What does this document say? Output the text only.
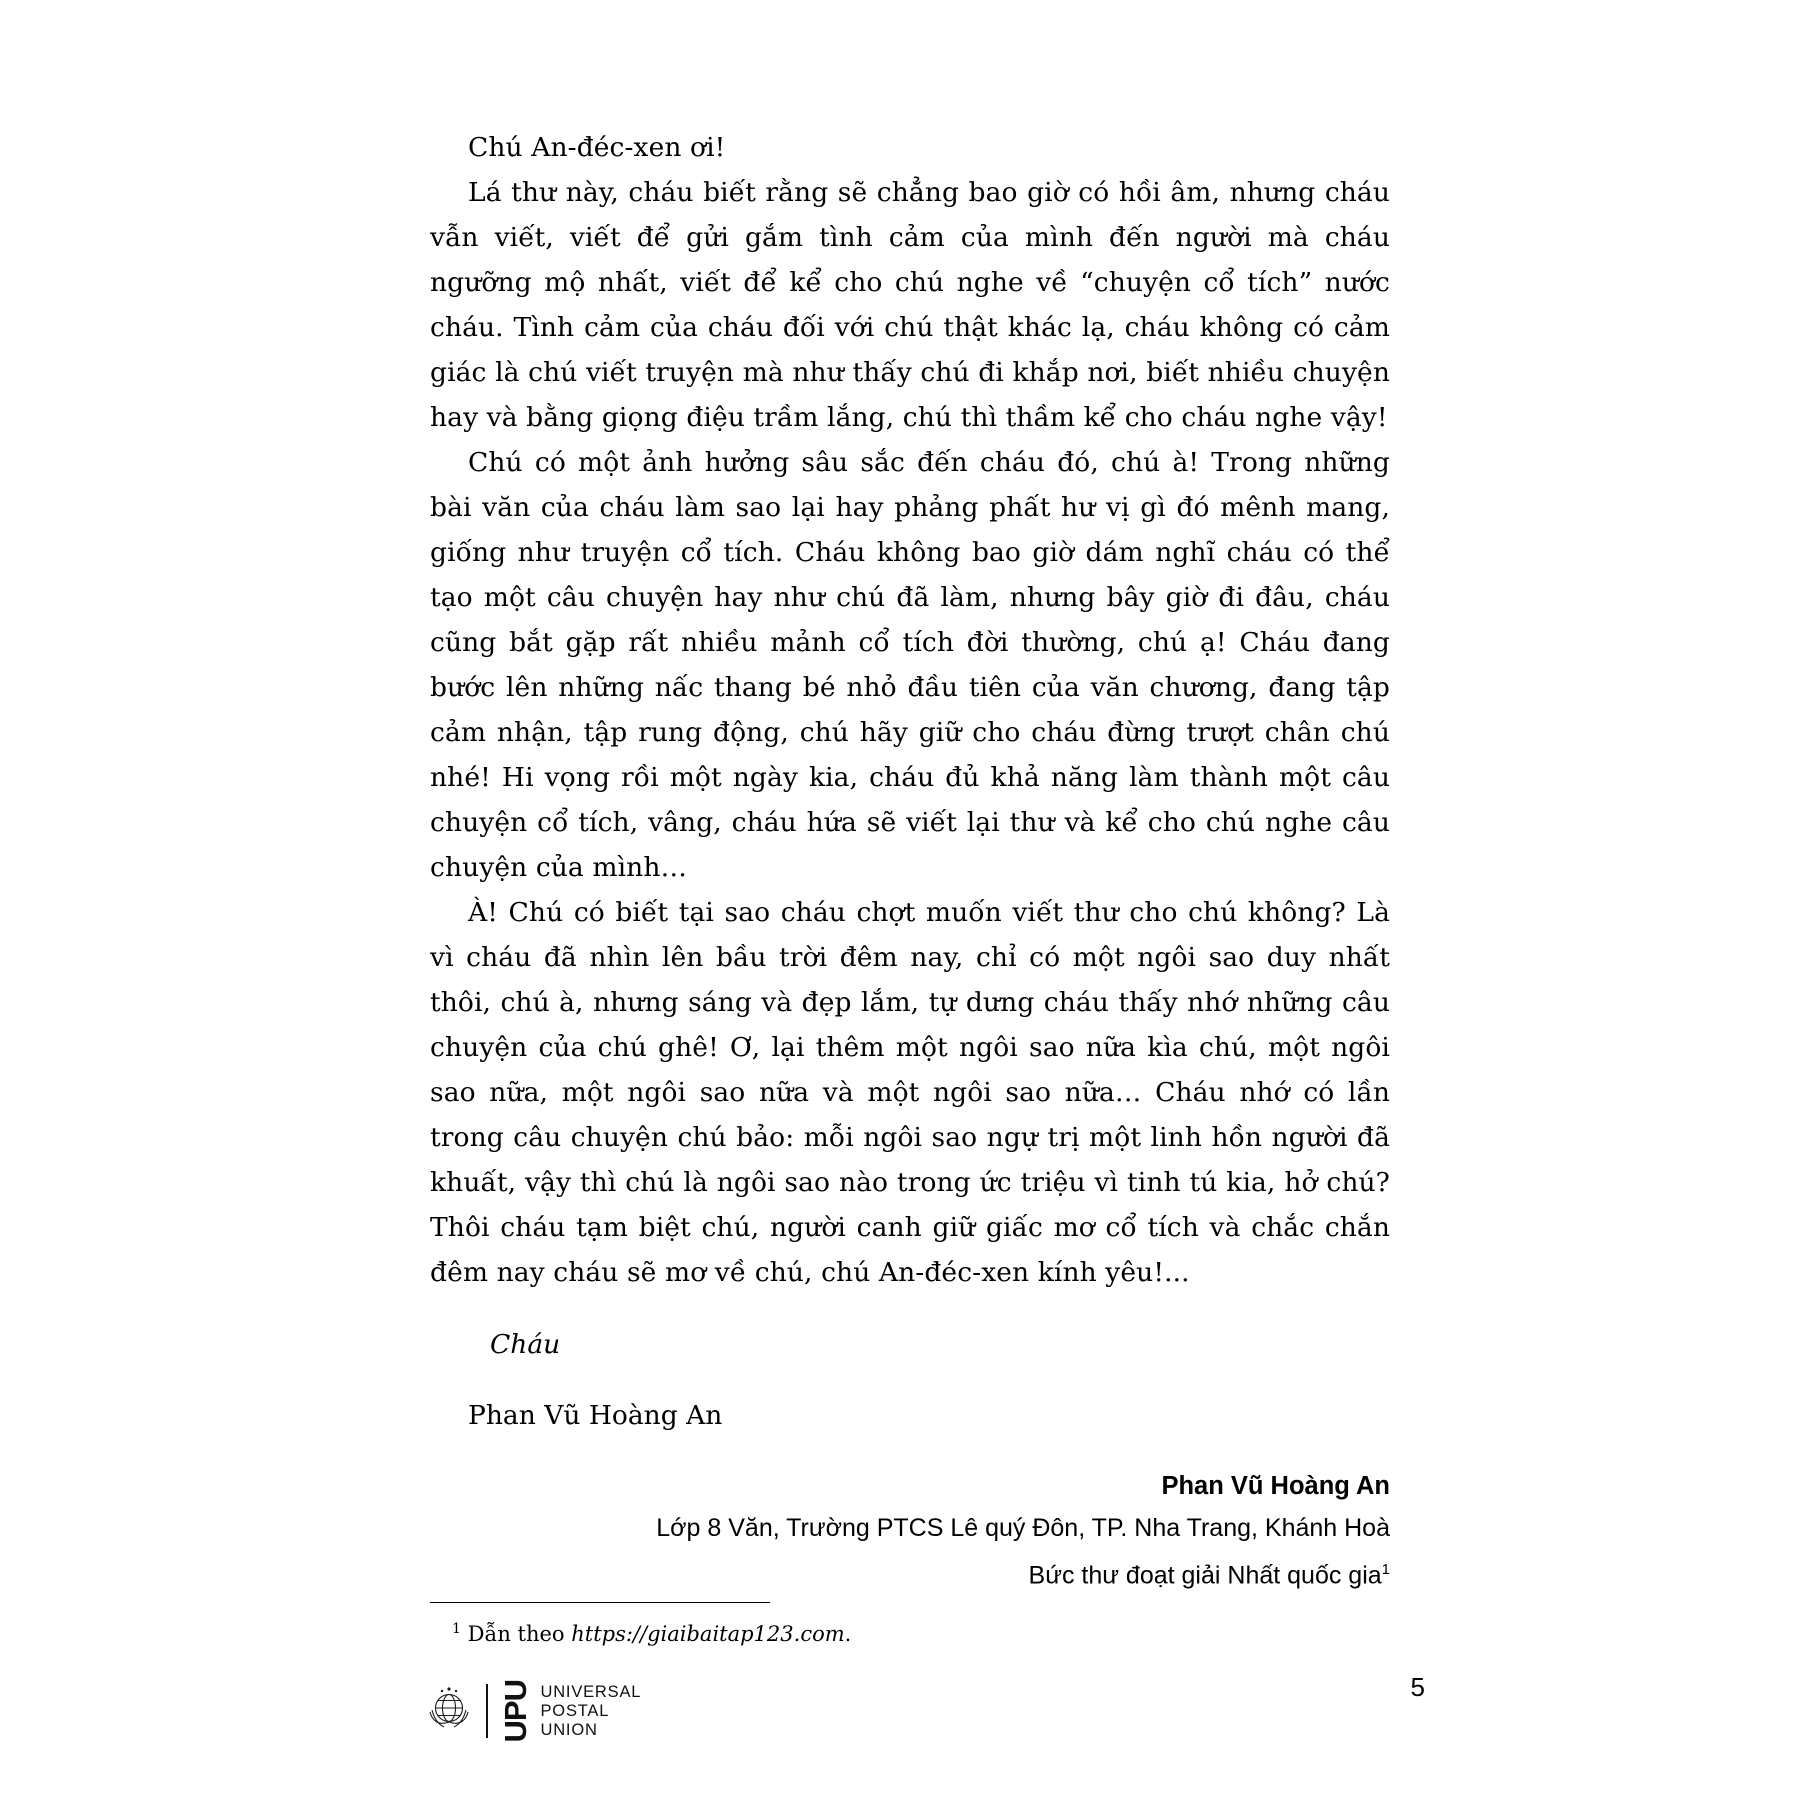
Chú An-đéc-xen ơi!

Lá thư này, cháu biết rằng sẽ chẳng bao giờ có hồi âm, nhưng cháu vẫn viết, viết để gửi gắm tình cảm của mình đến người mà cháu ngưỡng mộ nhất, viết để kể cho chú nghe về “chuyện cổ tích” nước cháu. Tình cảm của cháu đối với chú thật khác lạ, cháu không có cảm giác là chú viết truyện mà như thấy chú đi khắp nơi, biết nhiều chuyện hay và bằng giọng điệu trầm lắng, chú thì thầm kể cho cháu nghe vậy!

Chú có một ảnh hưởng sâu sắc đến cháu đó, chú à! Trong những bài văn của cháu làm sao lại hay phảng phất hư vị gì đó mênh mang, giống như truyện cổ tích. Cháu không bao giờ dám nghĩ cháu có thể tạo một câu chuyện hay như chú đã làm, nhưng bây giờ đi đâu, cháu cũng bắt gặp rất nhiều mảnh cổ tích đời thường, chú ạ! Cháu đang bước lên những nấc thang bé nhỏ đầu tiên của văn chương, đang tập cảm nhận, tập rung động, chú hãy giữ cho cháu đừng trượt chân chú nhé! Hi vọng rồi một ngày kia, cháu đủ khả năng làm thành một câu chuyện cổ tích, vâng, cháu hứa sẽ viết lại thư và kể cho chú nghe câu chuyện của mình…

À! Chú có biết tại sao cháu chợt muốn viết thư cho chú không? Là vì cháu đã nhìn lên bầu trời đêm nay, chỉ có một ngôi sao duy nhất thôi, chú à, nhưng sáng và đẹp lắm, tự dưng cháu thấy nhớ những câu chuyện của chú ghê! Ơ, lại thêm một ngôi sao nữa kìa chú, một ngôi sao nữa, một ngôi sao nữa và một ngôi sao nữa… Cháu nhớ có lần trong câu chuyện chú bảo: mỗi ngôi sao ngự trị một linh hồn người đã khuất, vậy thì chú là ngôi sao nào trong ức triệu vì tinh tú kia, hở chú? Thôi cháu tạm biệt chú, người canh giữ giấc mơ cổ tích và chắc chắn đêm nay cháu sẽ mơ về chú, chú An-đéc-xen kính yêu!...

Cháu

Phan Vũ Hoàng An

Phan Vũ Hoàng An
Lớp 8 Văn, Trường PTCS Lê quý Đôn, TP. Nha Trang, Khánh Hoà
Bức thư đoạt giải Nhất quốc gia$^1$
$^1$ Dẫn theo https://giaibaitap123.com.
5
UPU UNIVERSAL
POSTAL
UNION
